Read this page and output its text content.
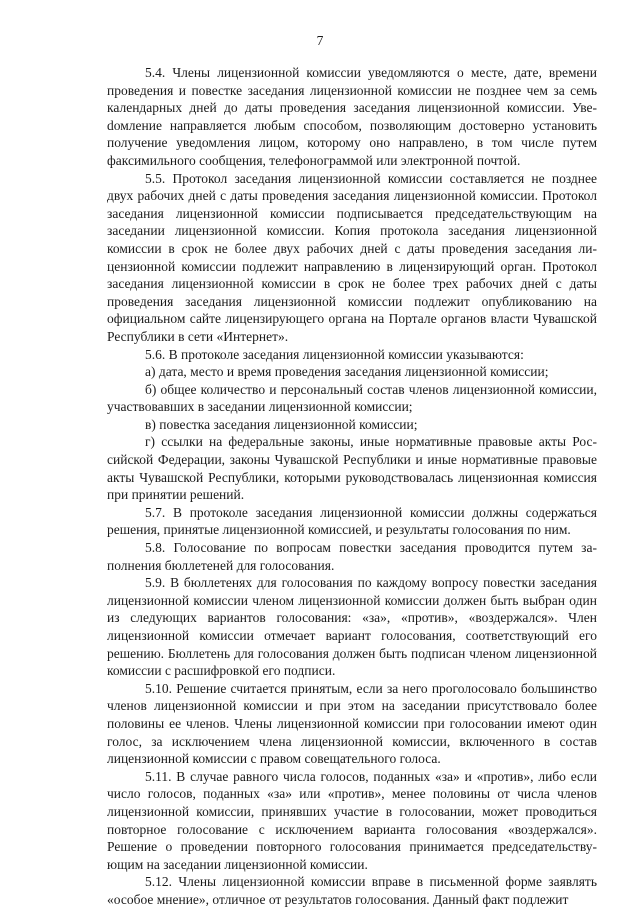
7

5.4. Члены лицензионной комиссии уведомляются о месте, дате, времени проведения и повестке заседания лицензионной комиссии не позднее чем за семь календарных дней до даты проведения заседания лицензионной комиссии. Увеdомление направляется любым способом, позволяющим достоверно установить получение уведомления лицом, которому оно направлено, в том числе путем факсимильного сообщения, телефонограммой или электронной почтой.

5.5. Протокол заседания лицензионной комиссии составляется не позднее двух рабочих дней с даты проведения заседания лицензионной комиссии. Протокол заседания лицензионной комиссии подписывается председательствующим на заседании лицензионной комиссии. Копия протокола заседания лицензионной комиссии в срок не более двух рабочих дней с даты проведения заседания лицензионной комиссии подлежит направлению в лицензирующий орган. Протокол заседания лицензионной комиссии в срок не более трех рабочих дней с даты проведения заседания лицензионной комиссии подлежит опубликованию на официальном сайте лицензирующего органа на Портале органов власти Чувашской Республики в сети «Интернет».

5.6. В протоколе заседания лицензионной комиссии указываются:

а) дата, место и время проведения заседания лицензионной комиссии;

б) общее количество и персональный состав членов лицензионной комиссии, участвовавших в заседании лицензионной комиссии;

в) повестка заседания лицензионной комиссии;

г) ссылки на федеральные законы, иные нормативные правовые акты Российской Федерации, законы Чувашской Республики и иные нормативные правовые акты Чувашской Республики, которыми руководствовалась лицензионная комиссия при принятии решений.

5.7. В протоколе заседания лицензионной комиссии должны содержаться решения, принятые лицензионной комиссией, и результаты голосования по ним.

5.8. Голосование по вопросам повестки заседания проводится путем заполнения бюллетеней для голосования.

5.9. В бюллетенях для голосования по каждому вопросу повестки заседания лицензионной комиссии членом лицензионной комиссии должен быть выбран один из следующих вариантов голосования: «за», «против», «воздержался». Член лицензионной комиссии отмечает вариант голосования, соответствующий его решению. Бюллетень для голосования должен быть подписан членом лицензионной комиссии с расшифровкой его подписи.

5.10. Решение считается принятым, если за него проголосовало большинство членов лицензионной комиссии и при этом на заседании присутствовало более половины ее членов. Члены лицензионной комиссии при голосовании имеют один голос, за исключением члена лицензионной комиссии, включенного в состав лицензионной комиссии с правом совещательного голоса.

5.11. В случае равного числа голосов, поданных «за» и «против», либо если число голосов, поданных «за» или «против», менее половины от числа членов лицензионной комиссии, принявших участие в голосовании, может проводиться повторное голосование с исключением варианта голосования «воздержался». Решение о проведении повторного голосования принимается председательствующим на заседании лицензионной комиссии.

5.12. Члены лицензионной комиссии вправе в письменной форме заявлять «особое мнение», отличное от результатов голосования. Данный факт подлежит
